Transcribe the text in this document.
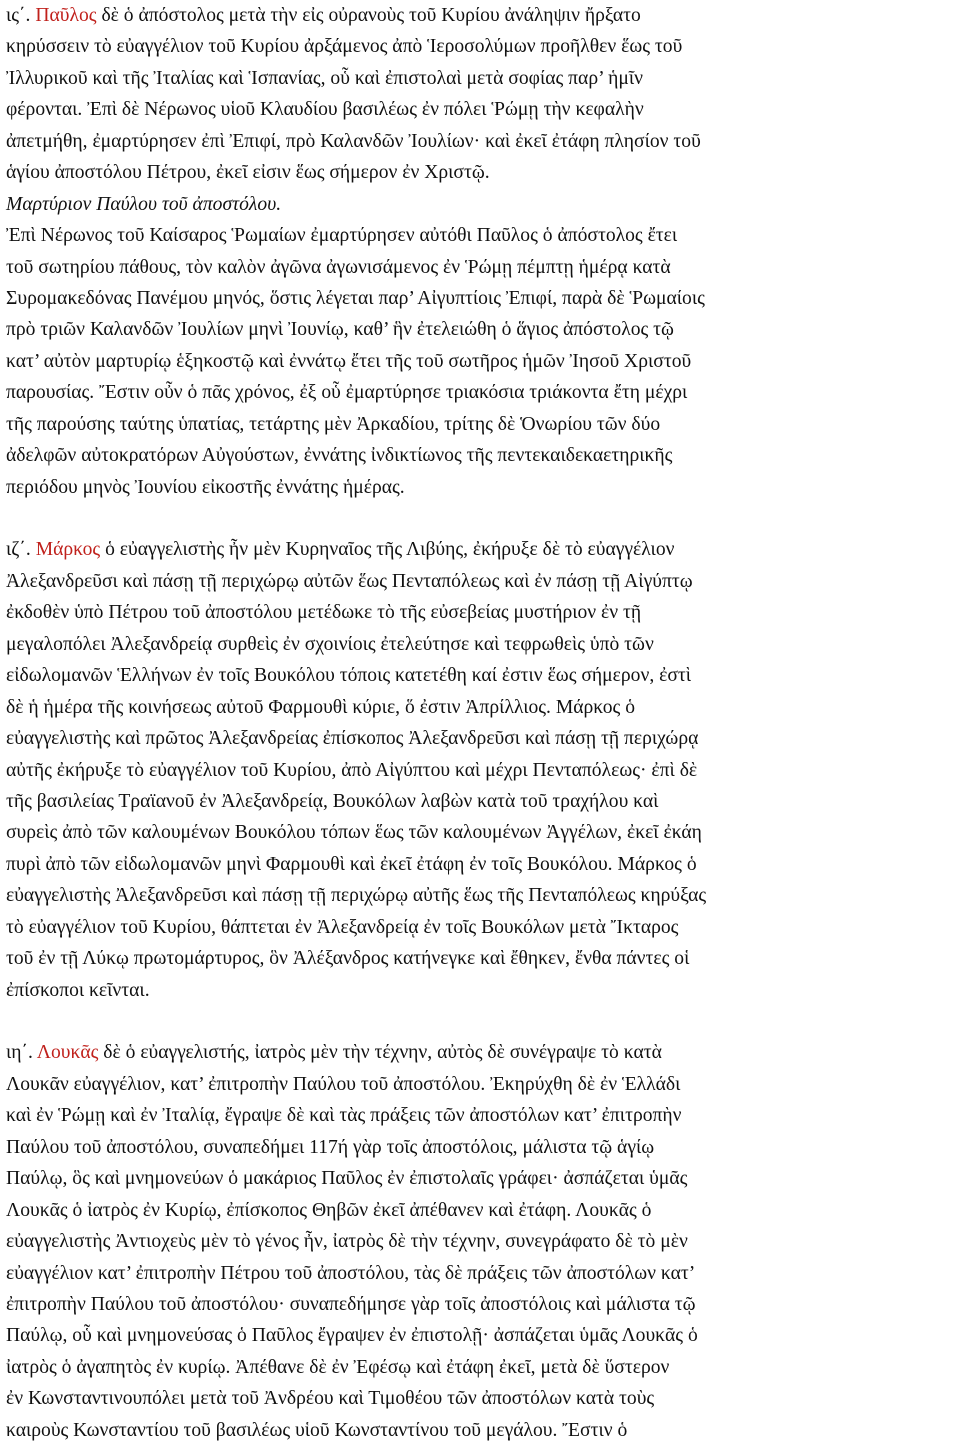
ις΄. Παῦλος δὲ ὁ ἀπόστολος μετὰ τὴν εἰς οὐρανοὺς τοῦ Κυρίου ἀνάληψιν ἤρξατο
κηρύσσειν τὸ εὐαγγέλιον τοῦ Κυρίου ἀρξάμενος ἀπὸ Ἱεροσολύμων προῆλθεν ἕως τοῦ
Ἰλλυρικοῦ καὶ τῆς Ἰταλίας καὶ Ἱσπανίας, οὗ καὶ ἐπιστολαὶ μετὰ σοφίας παρ’ ἡμῖν
φέρονται. Ἐπὶ δὲ Νέρωνος υἱοῦ Κλαυδίου βασιλέως ἐν πόλει Ῥώμῃ τὴν κεφαλὴν
ἀπετμήθη, ἐμαρτύρησεν ἐπὶ Ἐπιφί, πρὸ Καλανδῶν Ἰουλίων· καὶ ἐκεῖ ἐτάφη πλησίον τοῦ
ἁγίου ἀποστόλου Πέτρου, ἐκεῖ εἰσιν ἕως σήμερον ἐν Χριστῷ.
Μαρτύριον Παύλου τοῦ ἀποστόλου.
Ἐπὶ Νέρωνος τοῦ Καίσαρος Ῥωμαίων ἐμαρτύρησεν αὐτόθι Παῦλος ὁ ἀπόστολος ἔτει
τοῦ σωτηρίου πάθους, τὸν καλὸν ἀγῶνα ἀγωνισάμενος ἐν Ῥώμῃ πέμπτῃ ἡμέρᾳ κατὰ
Συρομακεδόνας Πανέμου μηνός, ὅστις λέγεται παρ’ Αἰγυπτίοις Ἐπιφί, παρὰ δὲ Ῥωμαίοις
πρὸ τριῶν Καλανδῶν Ἰουλίων μηνὶ Ἰουνίῳ, καθ’ ἣν ἐτελειώθη ὁ ἅγιος ἀπόστολος τῷ
κατ’ αὐτὸν μαρτυρίῳ ἑξηκοστῷ καὶ ἐννάτῳ ἔτει τῆς τοῦ σωτῆρος ἡμῶν Ἰησοῦ Χριστοῦ
παρουσίας. Ἔστιν οὖν ὁ πᾶς χρόνος, ἐξ οὗ ἐμαρτύρησε τριακόσια τριάκοντα ἔτη μέχρι
τῆς παρούσης ταύτης ὑπατίας, τετάρτης μὲν Ἀρκαδίου, τρίτης δὲ Ὁνωρίου τῶν δύο
ἀδελφῶν αὐτοκρατόρων Αὐγούστων, ἐννάτης ἰνδικτίωνος τῆς πεντεκαιδεκαετηρικῆς
περιόδου μηνὸς Ἰουνίου εἰκοστῆς ἐννάτης ἡμέρας.
ιζ΄. Μάρκος ὁ εὐαγγελιστὴς ἦν μὲν Κυρηναῖος τῆς Λιβύης, ἐκήρυξε δὲ τὸ εὐαγγέλιον
Ἀλεξανδρεῦσι καὶ πάσῃ τῇ περιχώρῳ αὐτῶν ἕως Πενταπόλεως καὶ ἐν πάσῃ τῇ Αἰγύπτῳ
ἐκδοθὲν ὑπὸ Πέτρου τοῦ ἀποστόλου μετέδωκε τὸ τῆς εὐσεβείας μυστήριον ἐν τῇ
μεγαλοπόλει Ἀλεξανδρείᾳ συρθεὶς ἐν σχοινίοις ἐτελεύτησε καὶ τεφρωθεὶς ὑπὸ τῶν
εἰδωλομανῶν Ἑλλήνων ἐν τοῖς Βουκόλου τόποις κατετέθη καί ἐστιν ἕως σήμερον, ἐστὶ
δὲ ἡ ἡμέρα τῆς κοινήσεως αὐτοῦ Φαρμουθὶ κύριε, ὅ ἐστιν Ἀπρίλλιος. Μάρκος ὁ
εὐαγγελιστὴς καὶ πρῶτος Ἀλεξανδρείας ἐπίσκοπος Ἀλεξανδρεῦσι καὶ πάσῃ τῇ περιχώρᾳ
αὐτῆς ἐκήρυξε τὸ εὐαγγέλιον τοῦ Κυρίου, ἀπὸ Αἰγύπτου καὶ μέχρι Πενταπόλεως· ἐπὶ δὲ
τῆς βασιλείας Τραϊανοῦ ἐν Ἀλεξανδρείᾳ, Βουκόλων λαβὼν κατὰ τοῦ τραχήλου καὶ
συρεὶς ἀπὸ τῶν καλουμένων Βουκόλου τόπων ἕως τῶν καλουμένων Ἀγγέλων, ἐκεῖ ἐκάη
πυρὶ ἀπὸ τῶν εἰδωλομανῶν μηνὶ Φαρμουθὶ καὶ ἐκεῖ ἐτάφη ἐν τοῖς Βουκόλου. Μάρκος ὁ
εὐαγγελιστὴς Ἀλεξανδρεῦσι καὶ πάσῃ τῇ περιχώρῳ αὐτῆς ἕως τῆς Πενταπόλεως κηρύξας
τὸ εὐαγγέλιον τοῦ Κυρίου, θάπτεται ἐν Ἀλεξανδρείᾳ ἐν τοῖς Βουκόλων μετὰ Ἴκταρος
τοῦ ἐν τῇ Λύκῳ πρωτομάρτυρος, ὃν Ἀλέξανδρος κατήνεγκε καὶ ἔθηκεν, ἔνθα πάντες οἱ
ἐπίσκοποι κεῖνται.
ιη΄. Λουκᾶς δὲ ὁ εὐαγγελιστής, ἰατρὸς μὲν τὴν τέχνην, αὐτὸς δὲ συνέγραψε τὸ κατὰ
Λουκᾶν εὐαγγέλιον, κατ’ ἐπιτροπὴν Παύλου τοῦ ἀποστόλου. Ἐκηρύχθη δὲ ἐν Ἑλλάδι
καὶ ἐν Ῥώμῃ καὶ ἐν Ἰταλίᾳ, ἔγραψε δὲ καὶ τὰς πράξεις τῶν ἀποστόλων κατ’ ἐπιτροπὴν
Παύλου τοῦ ἀποστόλου, συναπεδήμει 117ή γὰρ τοῖς ἀποστόλοις, μάλιστα τῷ ἁγίῳ
Παύλῳ, ὃς καὶ μνημονεύων ὁ μακάριος Παῦλος ἐν ἐπιστολαῖς γράφει· ἀσπάζεται ὑμᾶς
Λουκᾶς ὁ ἰατρὸς ἐν Κυρίῳ, ἐπίσκοπος Θηβῶν ἐκεῖ ἀπέθανεν καὶ ἐτάφη. Λουκᾶς ὁ
εὐαγγελιστὴς Ἀντιοχεὺς μὲν τὸ γένος ἦν, ἰατρὸς δὲ τὴν τέχνην, συνεγράφατο δὲ τὸ μὲν
εὐαγγέλιον κατ’ ἐπιτροπὴν Πέτρου τοῦ ἀποστόλου, τὰς δὲ πράξεις τῶν ἀποστόλων κατ’
ἐπιτροπὴν Παύλου τοῦ ἀποστόλου· συναπεδήμησε γὰρ τοῖς ἀποστόλοις καὶ μάλιστα τῷ
Παύλῳ, οὗ καὶ μνημονεύσας ὁ Παῦλος ἔγραψεν ἐν ἐπιστολῇ· ἀσπάζεται ὑμᾶς Λουκᾶς ὁ
ἰατρὸς ὁ ἀγαπητὸς ἐν κυρίῳ. Ἀπέθανε δὲ ἐν Ἐφέσῳ καὶ ἐτάφη ἐκεῖ, μετὰ δὲ ὕστερον
ἐν Κωνσταντινουπόλει μετὰ τοῦ Ἀνδρέου καὶ Τιμοθέου τῶν ἀποστόλων κατὰ τοὺς
καιροὺς Κωνσταντίου τοῦ βασιλέως υἱοῦ Κωνσταντίνου τοῦ μεγάλου. Ἔστιν ὁ
